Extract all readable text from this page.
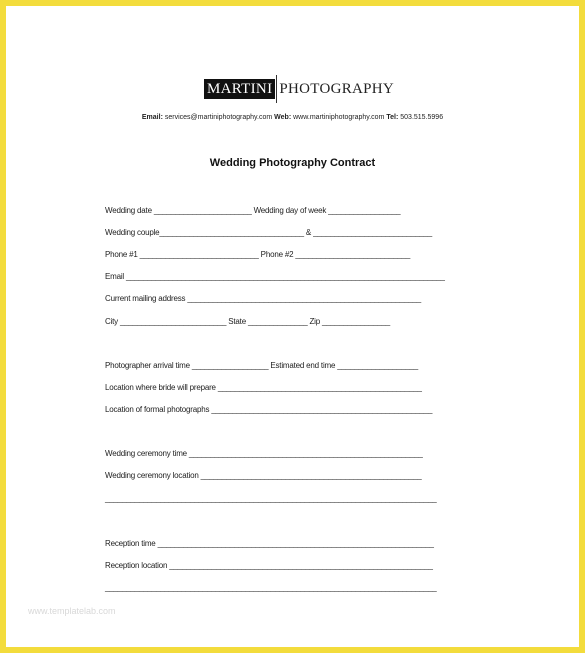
MARTINI PHOTOGRAPHY
Email: services@martiniphotography.com Web: www.martiniphotography.com Tel: 503.515.5996
Wedding Photography Contract
Wedding date _______________________ Wedding day of week _________________
Wedding couple__________________________________ & ____________________________
Phone #1 ____________________________ Phone #2 ___________________________
Email ___________________________________________________________________________
Current mailing address _______________________________________________________
City _________________________ State ______________ Zip ________________
Photographer arrival time __________________ Estimated end time ___________________
Location where bride will prepare ________________________________________________
Location of formal photographs ____________________________________________________
Wedding ceremony time _______________________________________________________
Wedding ceremony location ____________________________________________________
______________________________________________________________________________
Reception time _________________________________________________________________
Reception location ______________________________________________________________
______________________________________________________________________________
www.templatelab.com
